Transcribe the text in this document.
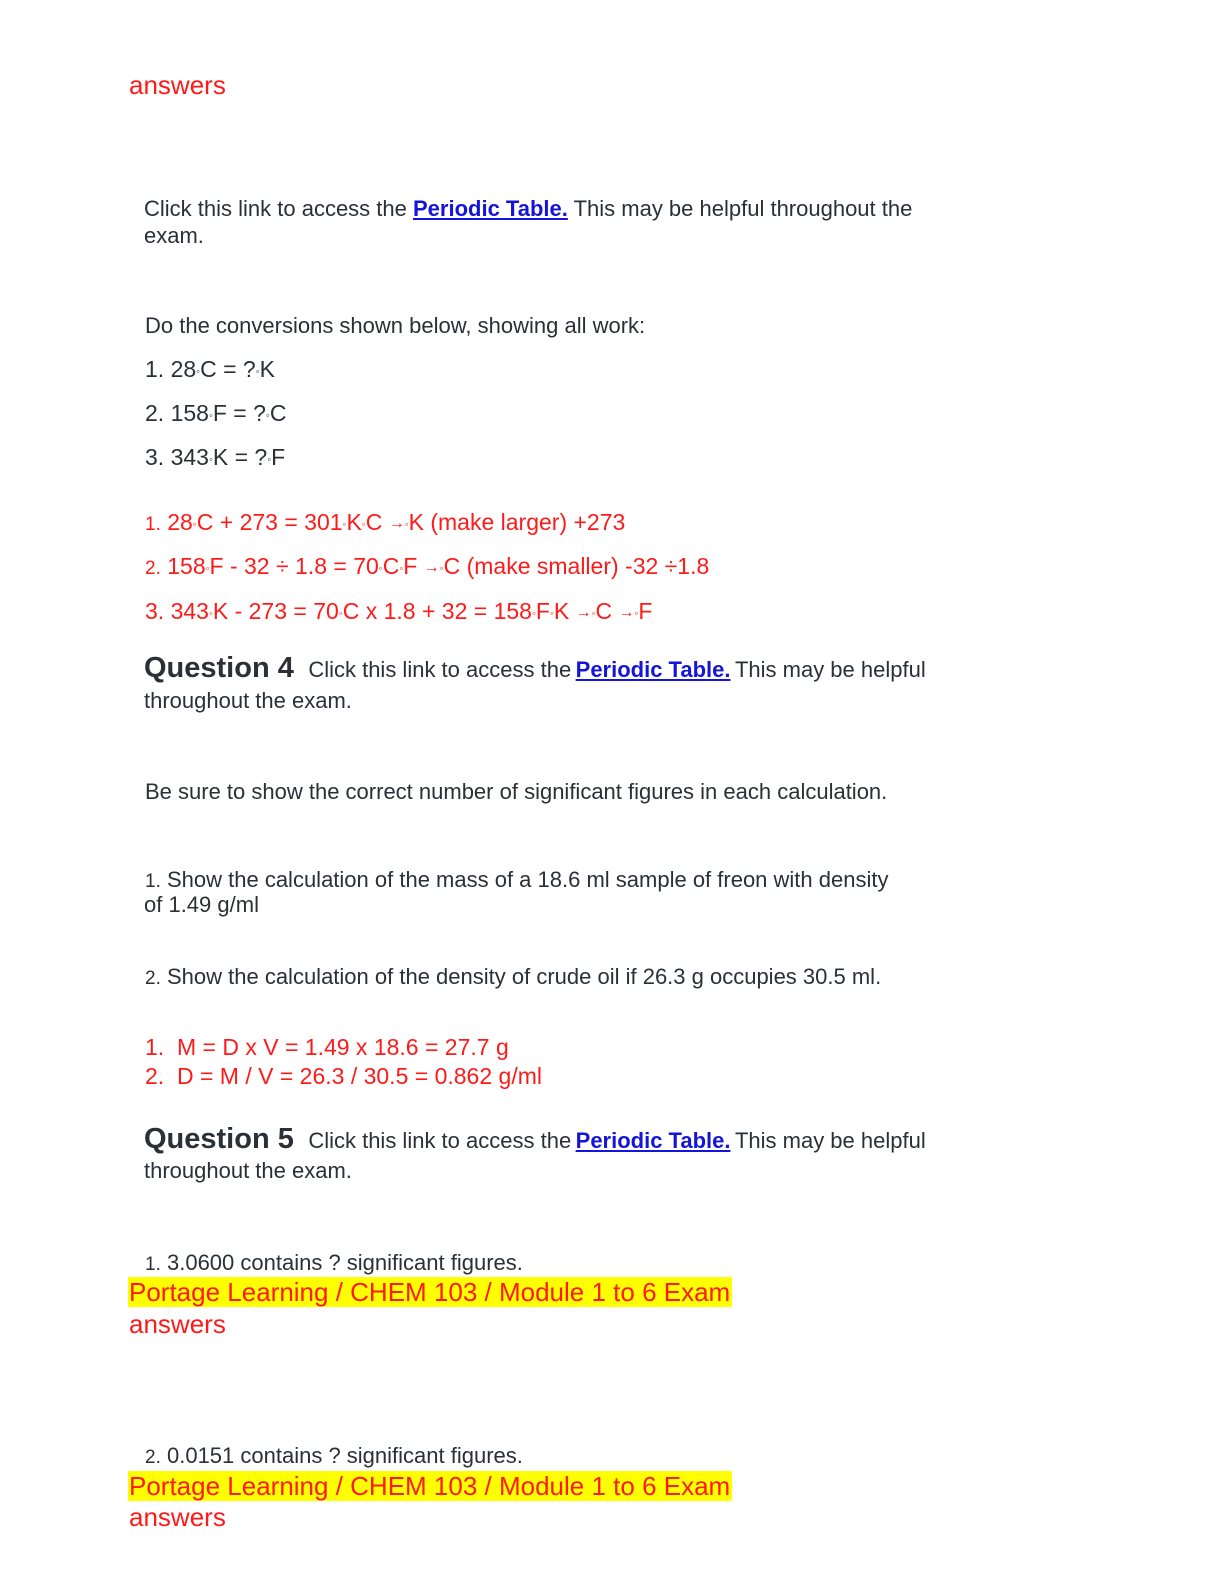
answers
Click this link to access the Periodic Table. This may be helpful throughout the
exam.
Do the conversions shown below, showing all work:
1. 28◦C = ?◦K
2. 158◦F = ?◦C
3. 343◦K = ?◦F
1. 28◦C + 273 = 301◦K◦C →◦K (make larger) +273
2. 158◦F - 32 ÷ 1.8 = 70◦C◦F →◦C (make smaller) -32 ÷1.8
3. 343◦K - 273 = 70◦C x 1.8 + 32 = 158◦F◦K →◦C →◦F
Question 4 Click this link to access the Periodic Table. This may be helpful
throughout the exam.
Be sure to show the correct number of significant figures in each calculation.
1. Show the calculation of the mass of a 18.6 ml sample of freon with density
of 1.49 g/ml
2. Show the calculation of the density of crude oil if 26.3 g occupies 30.5 ml.
1.  M = D x V = 1.49 x 18.6 = 27.7 g
2.  D = M / V = 26.3 / 30.5 = 0.862 g/ml
Question 5 Click this link to access the Periodic Table. This may be helpful
throughout the exam.
1. 3.0600 contains ? significant figures.
Portage Learning / CHEM 103 / Module 1 to 6 Exam
answers
2. 0.0151 contains ? significant figures.
Portage Learning / CHEM 103 / Module 1 to 6 Exam
answers
